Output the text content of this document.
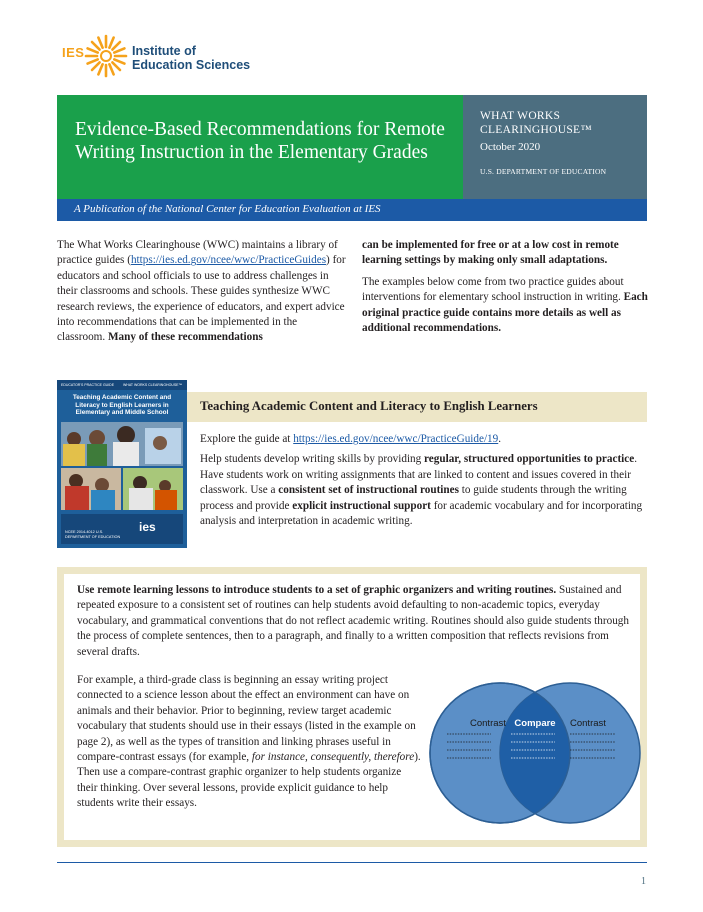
IES	Institute of
Education Sciences
Evidence-Based Recommendations for Remote Writing Instruction in the Elementary Grades
WHAT WORKS
CLEARINGHOUSE™
October 2020
U.S. DEPARTMENT OF EDUCATION
A Publication of the National Center for Education Evaluation at IES

The What Works Clearinghouse (WWC) maintains a library of practice guides (https://ies.ed.gov/ncee/wwc/PracticeGuides) for educators and school officials to use to address challenges in their classrooms and schools. These guides synthesize WWC research reviews, the experience of educators, and expert advice into recommendations that can be implemented in the classroom. Many of these recommendations

can be implemented for free or at a low cost in remote learning settings by making only small adaptations.

The examples below come from two practice guides about interventions for elementary school instruction in writing. Each original practice guide contains more details as well as additional recommendations.

EDUCATOR'S PRACTICE GUIDE	WHAT WORKS CLEARINGHOUSE™
Teaching Academic Content and Literacy to English Learners in Elementary and Middle School
NCEE 2014-4012 U.S. DEPARTMENT OF EDUCATION
ies
Teaching Academic Content and Literacy to English Learners

Explore the guide at https://ies.ed.gov/ncee/wwc/PracticeGuide/19.

Help students develop writing skills by providing regular, structured opportunities to practice. Have students work on writing assignments that are linked to content and issues covered in their classwork. Use a consistent set of instructional routines to guide students through the writing process and provide explicit instructional support for academic vocabulary and for incorporating analysis and interpretation in academic writing.

Use remote learning lessons to introduce students to a set of graphic organizers and writing routines. Sustained and repeated exposure to a consistent set of routines can help students avoid defaulting to non-academic topics, everyday vocabulary, and grammatical conventions that do not reflect academic writing. Routines should also guide students through the process of complete sentences, then to a paragraph, and finally to a written composition that reflects revisions from several drafts.

For example, a third-grade class is beginning an essay writing project connected to a science lesson about the effect an environment can have on animals and their behavior. Prior to beginning, review target academic vocabulary that students should use in their essays (listed in the example on page 2), as well as the types of transition and linking phrases useful in compare-contrast essays (for example, for instance, consequently, therefore). Then use a compare-contrast graphic organizer to help students organize their thinking. Over several lessons, provide explicit guidance to help students write their essays.

Contrast Compare Contrast
1
